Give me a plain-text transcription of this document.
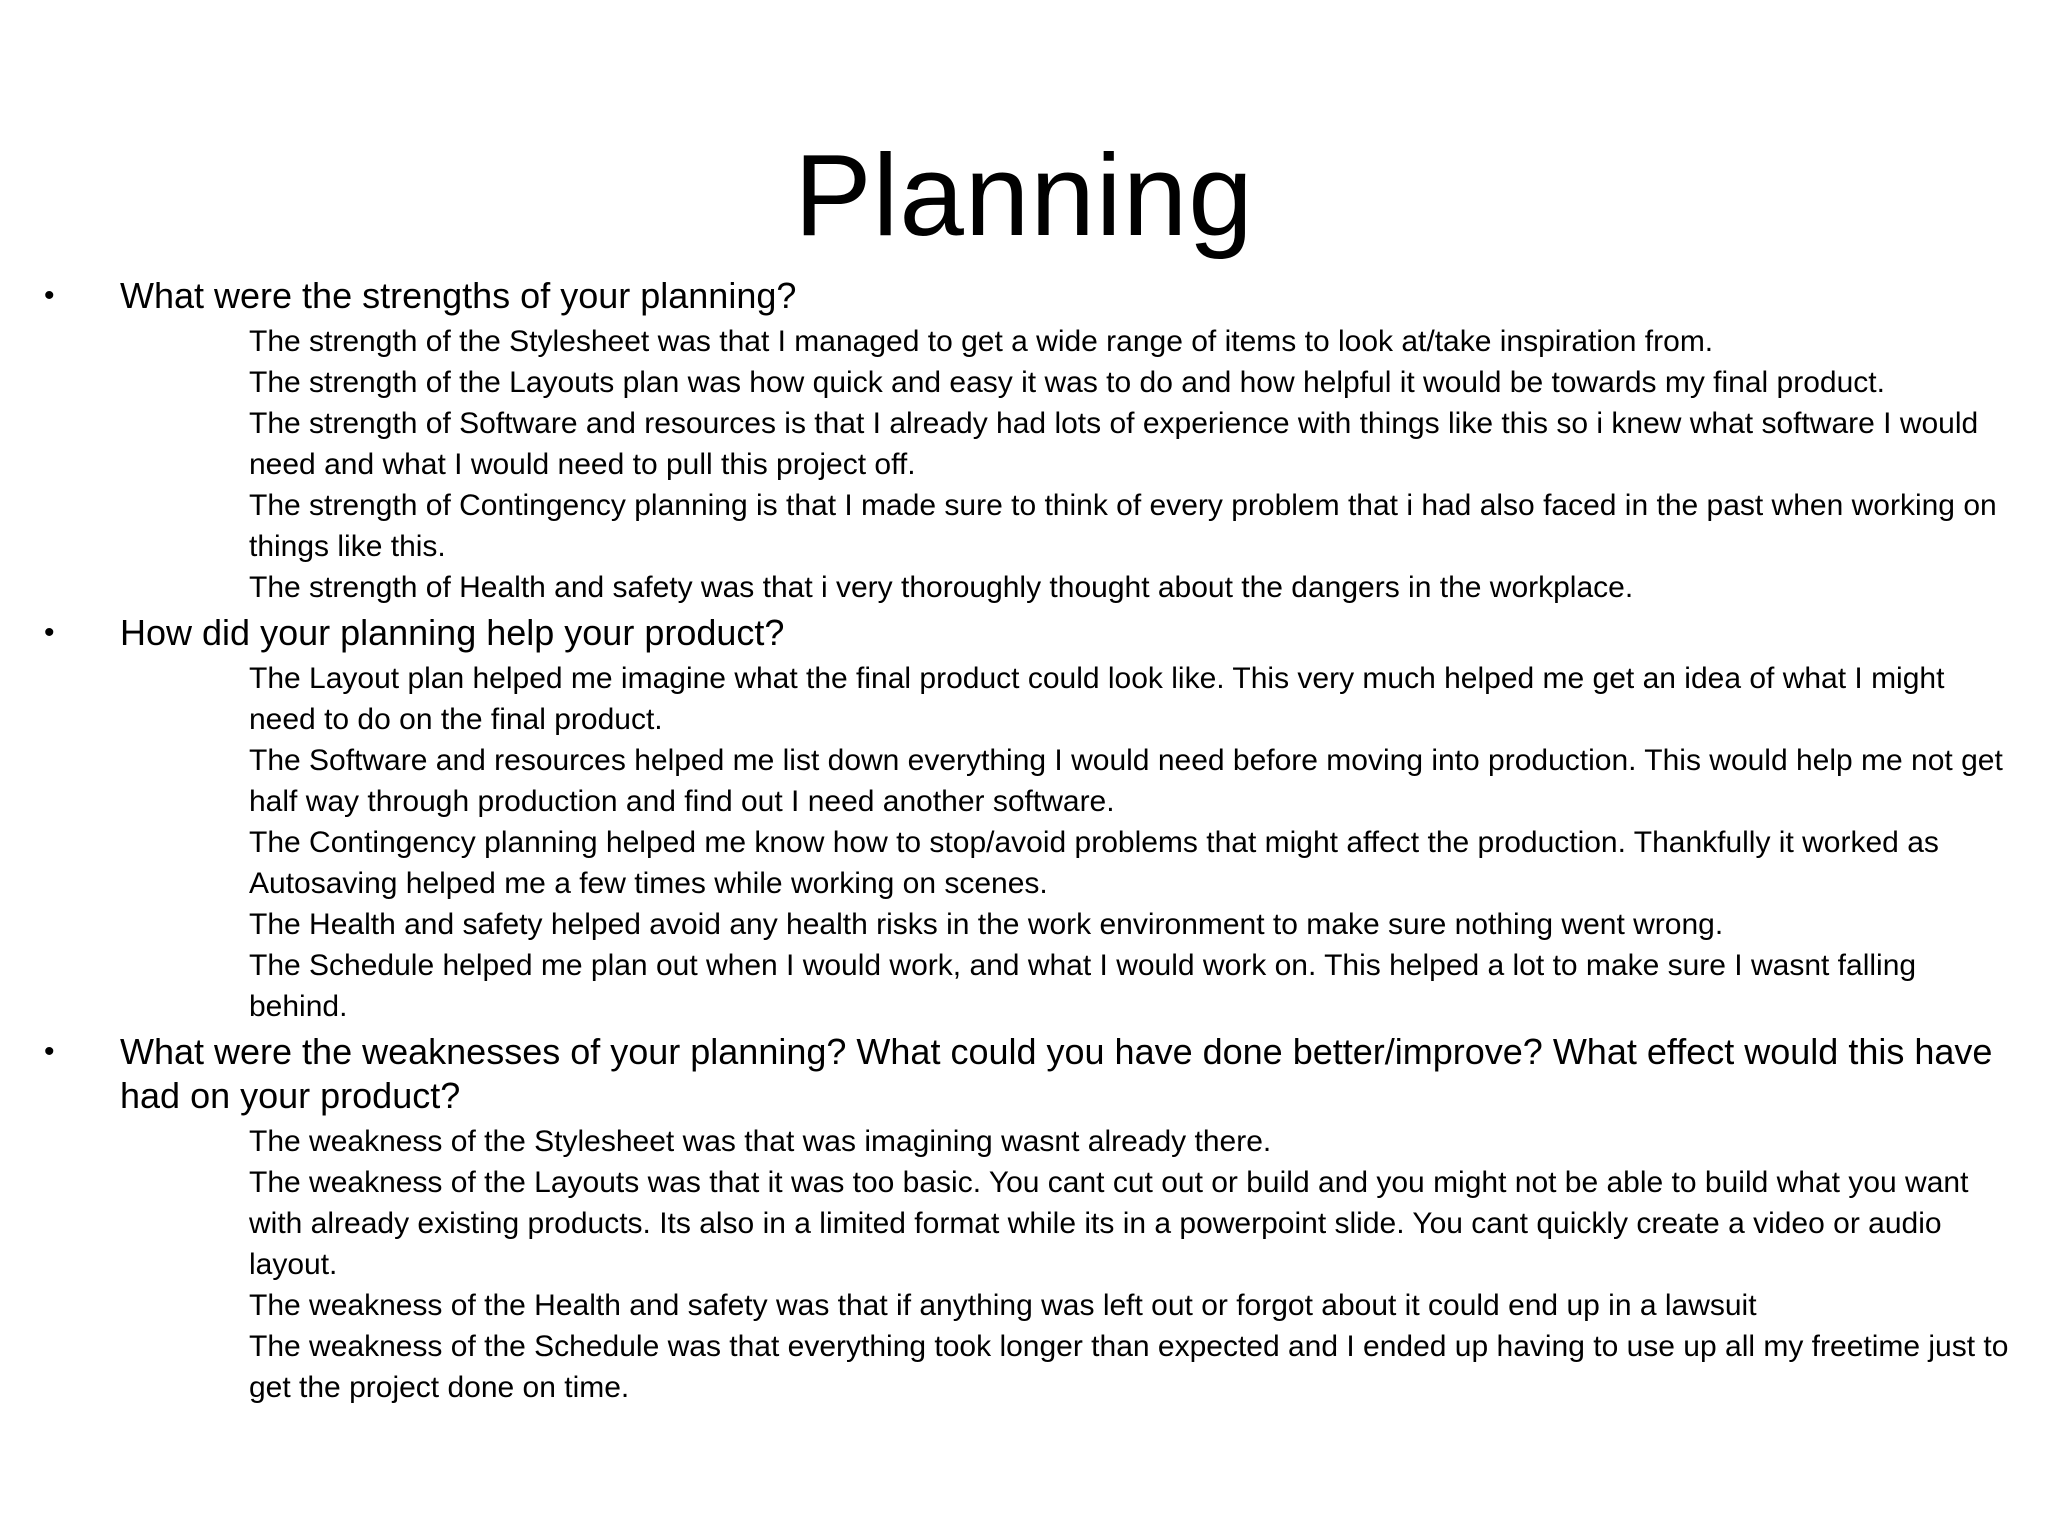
Planning

• What were the strengths of your planning?

The strength of the Stylesheet was that I managed to get a wide range of items to look at/take inspiration from.
The strength of the Layouts plan was how quick and easy it was to do and how helpful it would be towards my final product.
The strength of Software and resources is that I already had lots of experience with things like this so i knew what software I would need and what I would need to pull this project off.
The strength of Contingency planning is that I made sure to think of every problem that i had also faced in the past when working on things like this.
The strength of Health and safety was that i very thoroughly thought about the dangers in the workplace.

• How did your planning help your product?

The Layout plan helped me imagine what the final product could look like. This very much helped me get an idea of what I might need to do on the final product.
The Software and resources helped me list down everything I would need before moving into production. This would help me not get half way through production and find out I need another software.
The Contingency planning helped me know how to stop/avoid problems that might affect the production. Thankfully it worked as Autosaving helped me a few times while working on scenes.
The Health and safety helped avoid any health risks in the work environment to make sure nothing went wrong.
The Schedule helped me plan out when I would work, and what I would work on. This helped a lot to make sure I wasnt falling behind.

• What were the weaknesses of your planning? What could you have done better/improve? What effect would this have had on your product?

The weakness of the Stylesheet was that was imagining wasnt already there.
The weakness of the Layouts was that it was too basic. You cant cut out or build and you might not be able to build what you want with already existing products. Its also in a limited format while its in a powerpoint slide. You cant quickly create a video or audio layout.
The weakness of the Health and safety was that if anything was left out or forgot about it could end up in a lawsuit
The weakness of the Schedule was that everything took longer than expected and I ended up having to use up all my freetime just to get the project done on time.
